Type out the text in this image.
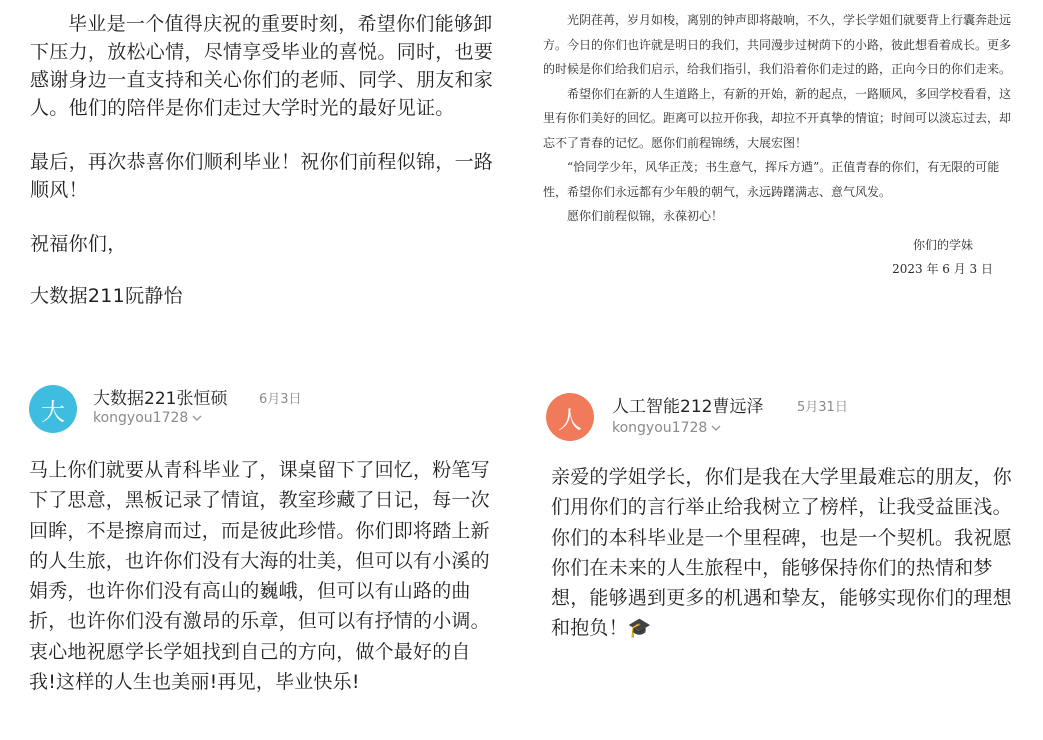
毕业是一个值得庆祝的重要时刻，希望你们能够卸下压力，放松心情，尽情享受毕业的喜悦。同时，也要感谢身边一直支持和关心你们的老师、同学、朋友和家人。他们的陪伴是你们走过大学时光的最好见证。

最后，再次恭喜你们顺利毕业！祝你们前程似锦，一路顺风！

祝福你们，

大数据211阮静怡

光阴荏苒，岁月如梭，离别的钟声即将敲响，不久，学长学姐们就要背上行囊奔赴远方。今日的你们也许就是明日的我们，共同漫步过树荫下的小路，彼此想看着成长。更多的时候是你们给我们启示，给我们指引，我们沿着你们走过的路，正向今日的你们走来。

希望你们在新的人生道路上，有新的开始，新的起点，一路顺风，多回学校看看，这里有你们美好的回忆。距离可以拉开你我，却拉不开真挚的情谊；时间可以淡忘过去，却忘不了青春的记忆。愿你们前程锦绣，大展宏图！

“恰同学少年，风华正茂；书生意气，挥斥方遒”。正值青春的你们，有无限的可能性，希望你们永远都有少年般的朝气，永远踌躇满志、意气风发。

愿你们前程似锦，永葆初心！

你们的学妹

2023 年 6 月 3 日

大	大数据221张恒硕 6月3日
kongyou1728
马上你们就要从青科毕业了，课桌留下了回忆，粉笔写下了思意，黑板记录了情谊，教室珍藏了日记，每一次回眸，不是擦肩而过，而是彼此珍惜。你们即将踏上新的人生旅，也许你们没有大海的壮美，但可以有小溪的娟秀，也许你们没有高山的巍峨，但可以有山路的曲折，也许你们没有激昂的乐章，但可以有抒情的小调。衷心地祝愿学长学姐找到自己的方向，做个最好的自我!这样的人生也美丽!再见，毕业快乐!
人	人工智能212曹远泽	5月31日
kongyou1728
亲爱的学姐学长，你们是我在大学里最难忘的朋友，你们用你们的言行举止给我树立了榜样，让我受益匪浅。你们的本科毕业是一个里程碑，也是一个契机。我祝愿你们在未来的人生旅程中，能够保持你们的热情和梦想，能够遇到更多的机遇和挚友，能够实现你们的理想和抱负！🎓
